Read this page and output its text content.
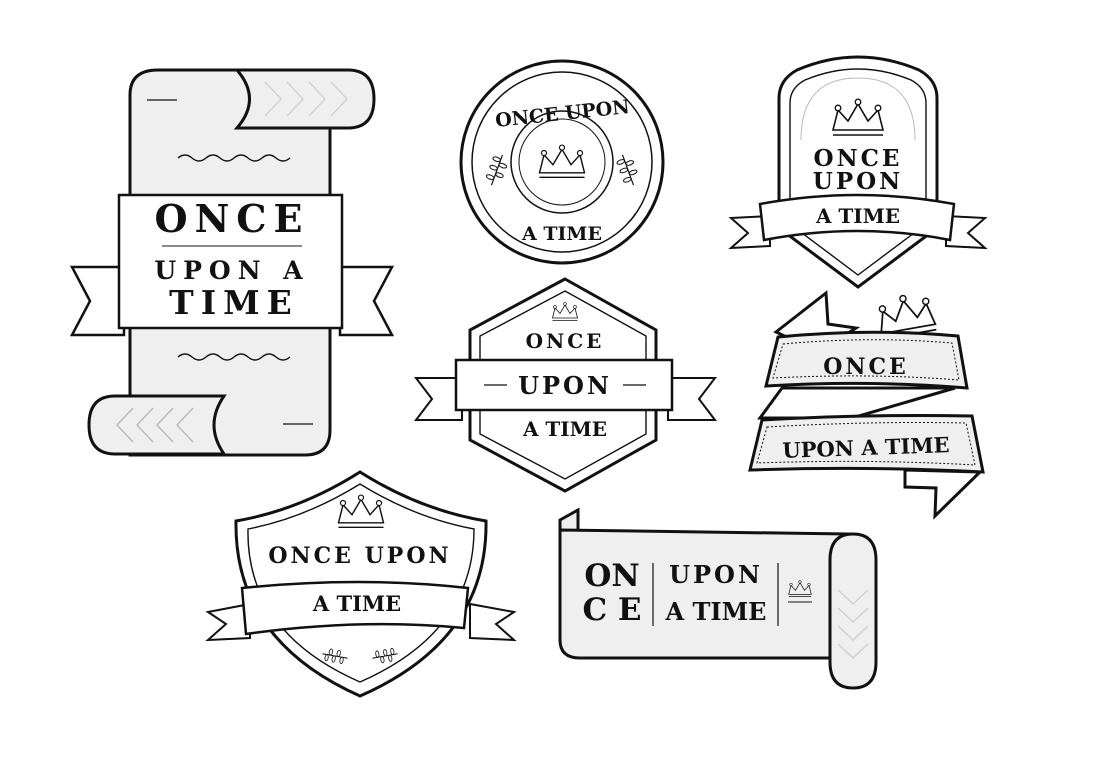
ONCE
UPON A
TIME
ONCE UPON
A TIME
ONCE
UPON
A TIME
ONCE
UPON
A TIME
ONCE
UPON A TIME
ONCE UPON
A TIME
ON
C E
UPON
A TIME
